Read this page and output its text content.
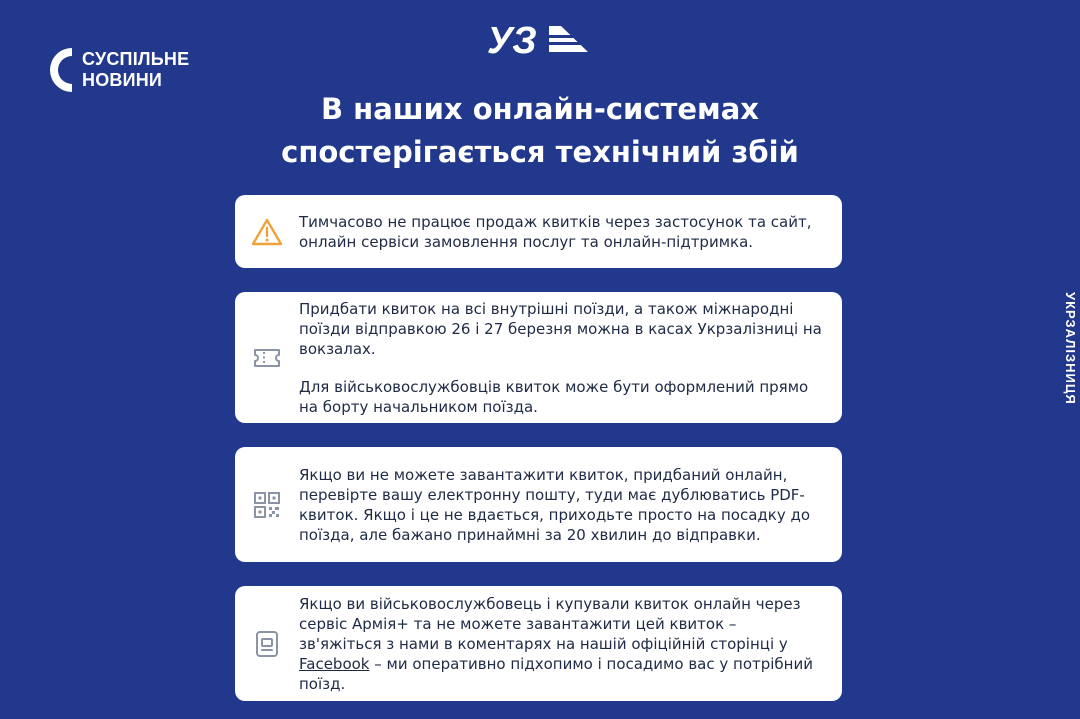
СУСПІЛЬНЕ
НОВИНИ
УЗ
В наших онлайн-системах
спостерігається технічний збій
УКРЗАЛІЗНИЦЯ

Тимчасово не працює продаж квитків через застосунок та сайт, онлайн сервіси замовлення послуг та онлайн-підтримка.

Придбати квиток на всі внутрішні поїзди, а також міжнародні поїзди відправкою 26 і 27 березня можна в касах Укрзалізниці на вокзалах.

Для військовослужбовців квиток може бути оформлений прямо на борту начальником поїзда.

Якщо ви не можете завантажити квиток, придбаний онлайн, перевірте вашу електронну пошту, туди має дублюватись PDF-квиток. Якщо і це не вдається, приходьте просто на посадку до поїзда, але бажано принаймні за 20 хвилин до відправки.

Якщо ви військовослужбовець і купували квиток онлайн через сервіс Армія+ та не можете завантажити цей квиток – зв'яжіться з нами в коментарях на нашій офіційній сторінці у Facebook – ми оперативно підхопимо і посадимо вас у потрібний поїзд.
